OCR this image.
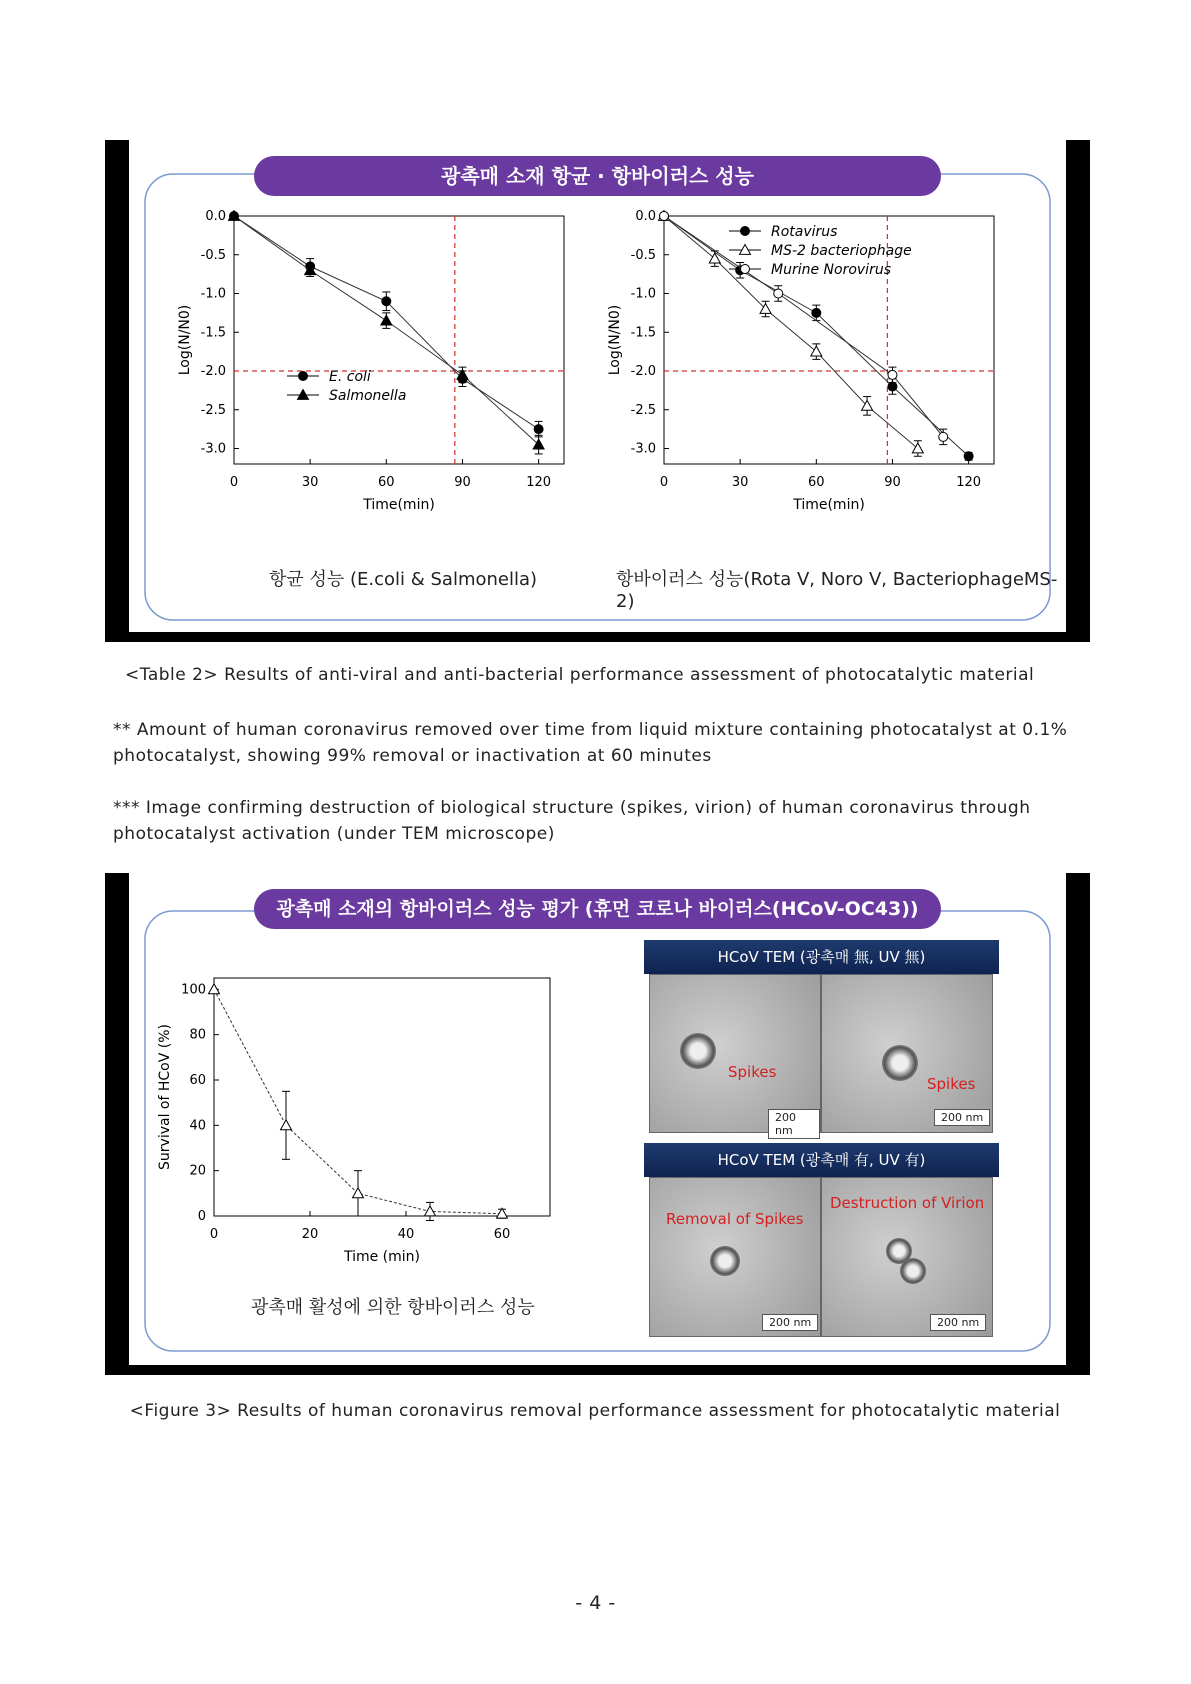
광촉매 소재 항균 · 항바이러스 성능
0	30	60	90	120
0.0
-0.5
-1.0
-1.5
-2.0
-2.5
-3.0
Time(min)
Log(N/N0)
E. coli
Salmonella
0	30	60	90	120
0.0
-0.5
-1.0
-1.5
-2.0
-2.5
-3.0
Time(min)
Log(N/N0)
Rotavirus
MS-2 bacteriophage
Murine Norovirus
항균 성능 (E.coli & Salmonella)	항바이러스 성능(Rota V, Noro V, BacteriophageMS-2)
<Table 2> Results of anti-viral and anti-bacterial performance assessment of photocatalytic material
** Amount of human coronavirus removed over time from liquid mixture containing photocatalyst at 0.1% photocatalyst, showing 99% removal or inactivation at 60 minutes
*** Image confirming destruction of biological structure (spikes, virion) of human coronavirus through photocatalyst activation (under TEM microscope)
광촉매 소재의 항바이러스 성능 평가 (휴먼 코로나 바이러스(HCoV-OC43))
0	20	40	60
0
20
40
60
80
100
Time (min)
Survival of HCoV (%)
광촉매 활성에 의한 항바이러스 성능
HCoV TEM (광촉매 無, UV 無)
Spikes
200 nm
Spikes
200 nm
HCoV TEM (광촉매 有, UV 有)
Removal of Spikes
200 nm
Destruction of Virion
200 nm
<Figure 3> Results of human coronavirus removal performance assessment for photocatalytic material
- 4 -
